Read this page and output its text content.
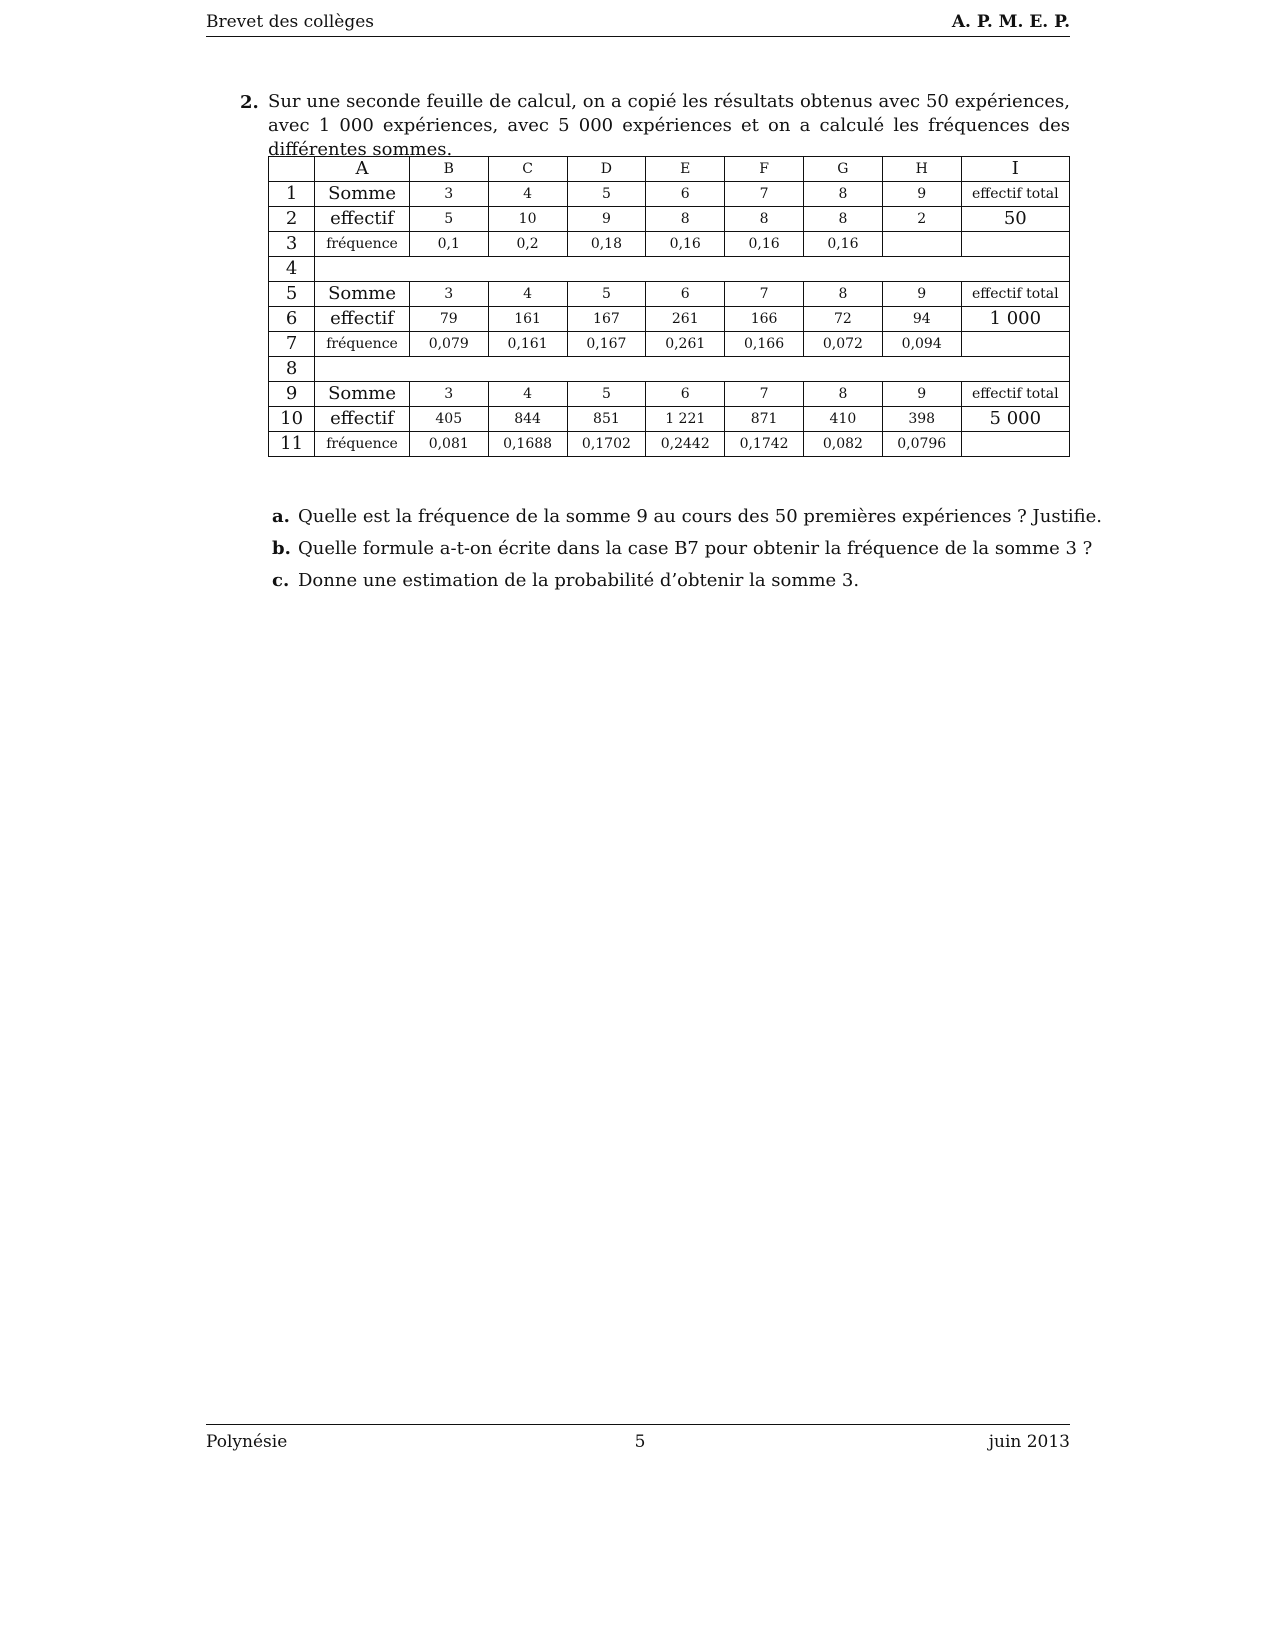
Brevet des collèges	A. P. M. E. P.
2. Sur une seconde feuille de calcul, on a copié les résultats obtenus avec 50 expériences, avec 1 000 expériences, avec 5 000 expériences et on a calculé les fréquences des différentes sommes.
	A	B	C	D	E	F	G	H	I
1	Somme	3	4	5	6	7	8	9	effectif total
2	effectif	5	10	9	8	8	8	2	50
3	fréquence	0,1	0,2	0,18	0,16	0,16	0,16		
4									
5	Somme	3	4	5	6	7	8	9	effectif total
6	effectif	79	161	167	261	166	72	94	1 000
7	fréquence	0,079	0,161	0,167	0,261	0,166	0,072	0,094	
8									
9	Somme	3	4	5	6	7	8	9	effectif total
10	effectif	405	844	851	1 221	871	410	398	5 000
11	fréquence	0,081	0,1688	0,1702	0,2442	0,1742	0,082	0,0796	
a. Quelle est la fréquence de la somme 9 au cours des 50 premières expériences ? Justifie.
b. Quelle formule a-t-on écrite dans la case B7 pour obtenir la fréquence de la somme 3 ?
c. Donne une estimation de la probabilité d’obtenir la somme 3.
Polynésie	5	juin 2013
